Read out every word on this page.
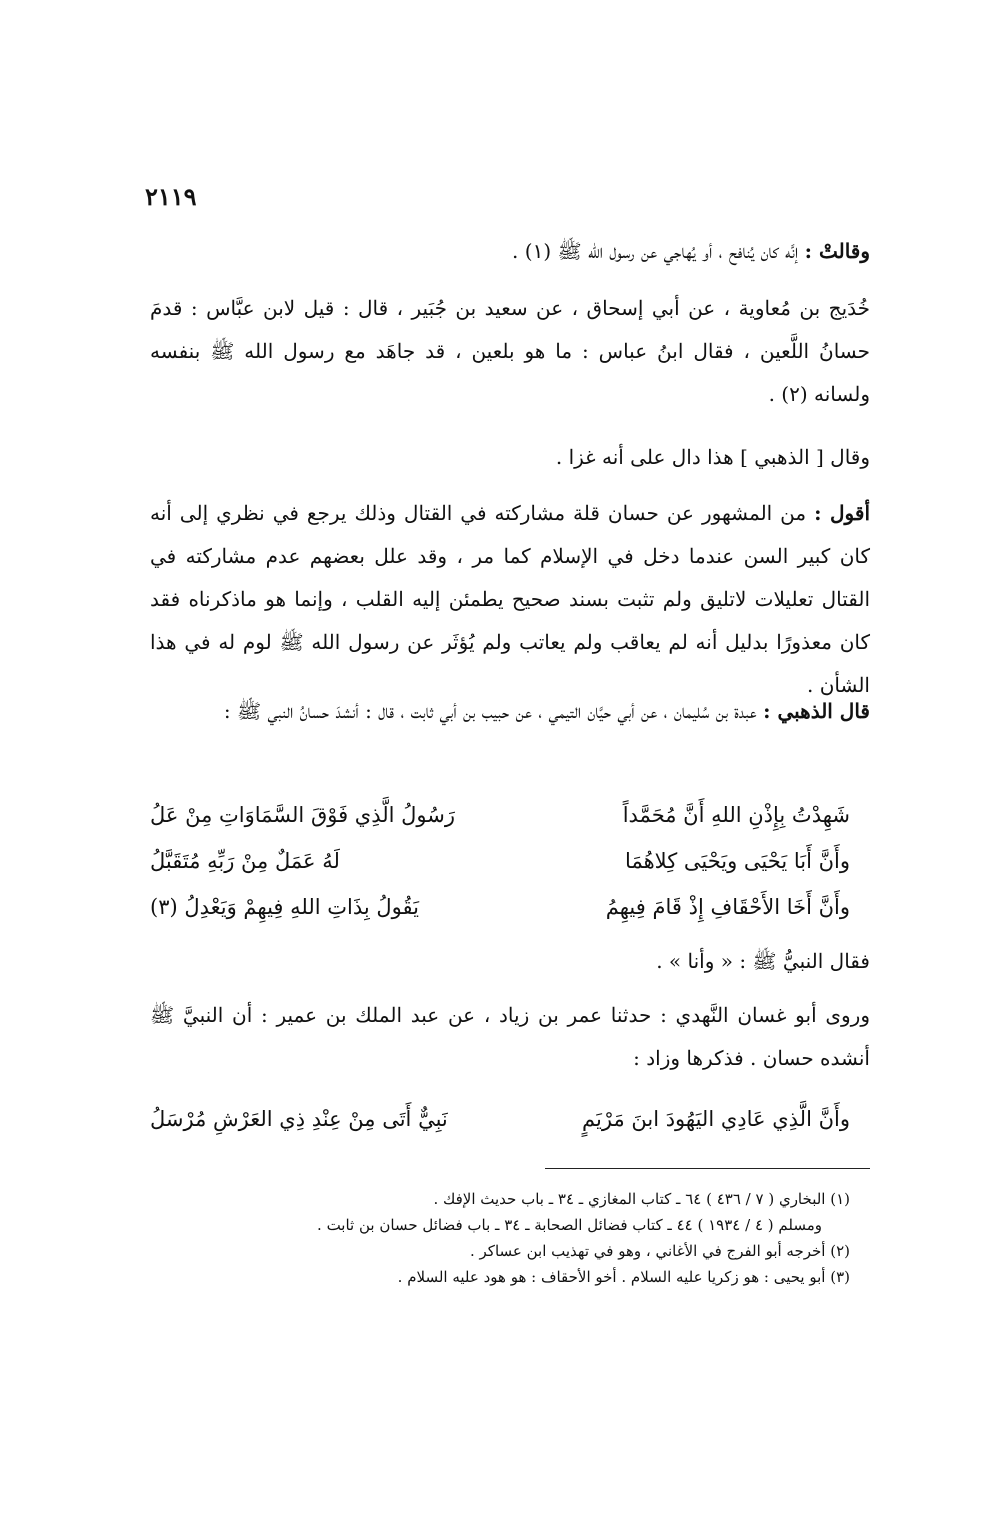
٢١١٩
وقالتْ : إنَّه كان يُنافح ، أو يُهاجي عن رسول الله ﷺ (١) .
خُدَيج بن مُعاوية ، عن أبي إسحاق ، عن سعيد بن جُبَير ، قال : قيل لابن عبَّاس : قدمَ حسانُ اللَّعين ، فقال ابنُ عباس : ما هو بلعين ، قد جاهَد مع رسول الله ﷺ بنفسه ولسانه (٢) .
وقال [ الذهبي ] هذا دال على أنه غزا .
أقول : من المشهور عن حسان قلة مشاركته في القتال وذلك يرجع في نظري إلى أنه كان كبير السن عندما دخل في الإسلام كما مر ، وقد علل بعضهم عدم مشاركته في القتال تعليلات لاتليق ولم تثبت بسند صحيح يطمئن إليه القلب ، وإنما هو ماذكرناه فقد كان معذورًا بدليل أنه لم يعاقب ولم يعاتب ولم يُؤثَر عن رسول الله ﷺ لوم له في هذا الشأن .
قال الذهبي : عبدة بن سُليمان ، عن أبي حيَّان التيمي ، عن حبيب بن أبي ثابت ، قال : أنشدَ حسانُ النبي ﷺ :
شَهِدْتُ بِإِذْنِ اللهِ أَنَّ مُحَمَّداً
رَسُولُ الَّذِي فَوْقَ السَّمَاوَاتِ مِنْ عَلُ
وأَنَّ أَبَا يَحْيَى ويَحْيَى كِلاهُمَا
لَهُ عَمَلٌ مِنْ رَبِّهِ مُتَقَبَّلُ
وأَنَّ أَخَا الأَحْقَافِ إِذْ قَامَ فِيهِمُ
يَقُولُ بِذَاتِ اللهِ فِيهِمْ وَيَعْدِلُ (٣)
فقال النبيُّ ﷺ : « وأنا » .
وروى أبو غسان النَّهدي : حدثنا عمر بن زياد ، عن عبد الملك بن عمير : أن النبيَّ ﷺ أنشده حسان . فذكرها وزاد :
وأَنَّ الَّذِي عَادِي اليَهُودَ ابنَ مَرْيَمٍ
نَبِيٌّ أَتَى مِنْ عِنْدِ ذِي العَرْشِ مُرْسَلُ
(١) البخاري ( ٧ / ٤٣٦ ) ٦٤ ـ كتاب المغازي ـ ٣٤ ـ باب حديث الإفك .
ومسلم ( ٤ / ١٩٣٤ ) ٤٤ ـ كتاب فضائل الصحابة ـ ٣٤ ـ باب فضائل حسان بن ثابت .
(٢) أخرجه أبو الفرج في الأغاني ، وهو في تهذيب ابن عساكر .
(٣) أبو يحيى : هو زكريا عليه السلام . أخو الأحقاف : هو هود عليه السلام .
